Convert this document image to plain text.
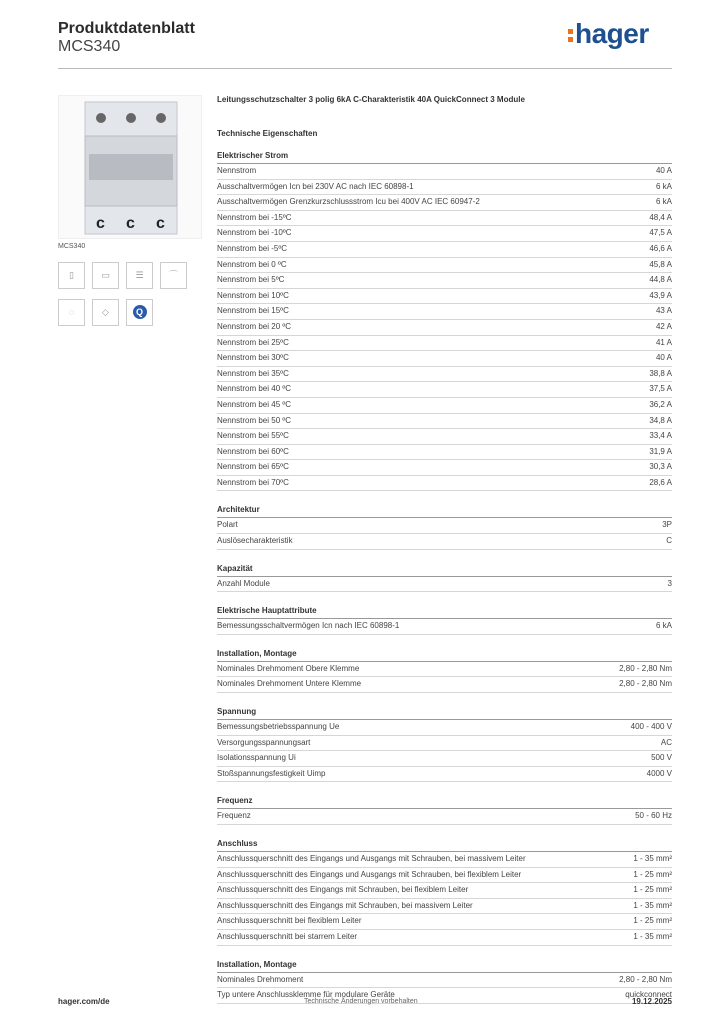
Produktdatenblatt
MCS340	hager
c c c
MCS340
▯	▭	☰	⌒ ◌	◇	Q
Leitungsschutzschalter 3 polig 6kA C-Charakteristik 40A QuickConnect 3 Module
Technische Eigenschaften
Elektrischer Strom
Nennstrom	40 A
Ausschaltvermögen Icn bei 230V AC nach IEC 60898-1	6 kA
Ausschaltvermögen Grenzkurzschlussstrom Icu bei 400V AC IEC 60947-2	6 kA
Nennstrom bei -15ºC	48,4 A
Nennstrom bei -10ºC	47,5 A
Nennstrom bei -5ºC	46,6 A
Nennstrom bei 0 ºC	45,8 A
Nennstrom bei 5ºC	44,8 A
Nennstrom bei 10ºC	43,9 A
Nennstrom bei 15ºC	43 A
Nennstrom bei 20 ºC	42 A
Nennstrom bei 25ºC	41 A
Nennstrom bei 30ºC	40 A
Nennstrom bei 35ºC	38,8 A
Nennstrom bei 40 ºC	37,5 A
Nennstrom bei 45 ºC	36,2 A
Nennstrom bei 50 ºC	34,8 A
Nennstrom bei 55ºC	33,4 A
Nennstrom bei 60ºC	31,9 A
Nennstrom bei 65ºC	30,3 A
Nennstrom bei 70ºC	28,6 A
Architektur
Polart	3P
Auslösecharakteristik	C
Kapazität
Anzahl Module	3
Elektrische Hauptattribute
Bemessungsschaltvermögen Icn nach IEC 60898-1	6 kA
Installation, Montage
Nominales Drehmoment Obere Klemme	2,80 - 2,80 Nm
Nominales Drehmoment Untere Klemme	2,80 - 2,80 Nm
Spannung
Bemessungsbetriebsspannung Ue	400 - 400 V
Versorgungsspannungsart	AC
Isolationsspannung Ui	500 V
Stoßspannungsfestigkeit Uimp	4000 V
Frequenz
Frequenz	50 - 60 Hz
Anschluss
Anschlussquerschnitt des Eingangs und Ausgangs mit Schrauben, bei massivem Leiter	1 - 35 mm²
Anschlussquerschnitt des Eingangs und Ausgangs mit Schrauben, bei flexiblem Leiter	1 - 25 mm²
Anschlussquerschnitt des Eingangs mit Schrauben, bei flexiblem Leiter	1 - 25 mm²
Anschlussquerschnitt des Eingangs mit Schrauben, bei massivem Leiter	1 - 35 mm²
Anschlussquerschnitt bei flexiblem Leiter	1 - 25 mm²
Anschlussquerschnitt bei starrem Leiter	1 - 35 mm²
Installation, Montage
Nominales Drehmoment	2,80 - 2,80 Nm
Typ untere Anschlussklemme für modulare Geräte	quickconnect
hager.com/de	Technische Änderungen vorbehalten	19.12.2025
